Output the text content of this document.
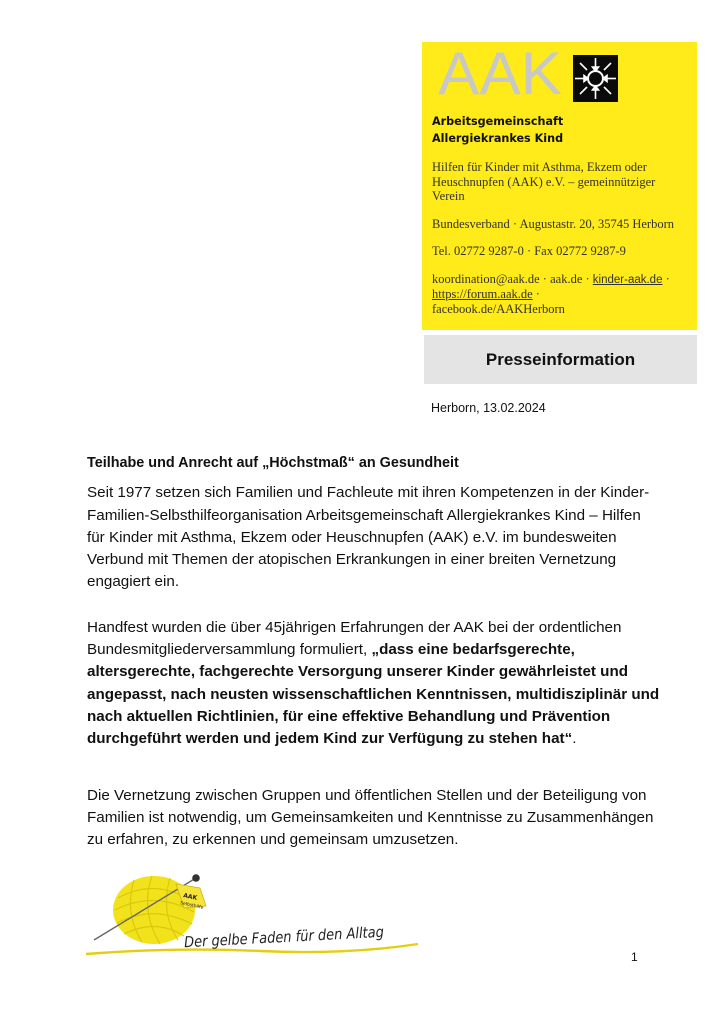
AAK
Arbeitsgemeinschaft
Allergiekrankes Kind
Hilfen für Kinder mit Asthma, Ekzem oder Heuschnupfen (AAK) e.V. – gemeinnütziger Verein
Bundesverband · Augustastr. 20, 35745 Herborn
Tel. 02772 9287-0 · Fax 02772 9287-9
koordination@aak.de · aak.de · kinder-aak.de ·
https://forum.aak.de ·
facebook.de/AAKHerborn
Presseinformation
Herborn, 13.02.2024
Teilhabe und Anrecht auf „Höchstmaß“ an Gesundheit

Seit 1977 setzen sich Familien und Fachleute mit ihren Kompetenzen in der Kinder-Familien-Selbsthilfeorganisation Arbeitsgemeinschaft Allergiekrankes Kind – Hilfen für Kinder mit Asthma, Ekzem oder Heuschnupfen (AAK) e.V. im bundesweiten Verbund mit Themen der atopischen Erkrankungen in einer breiten Vernetzung engagiert ein.

Handfest wurden die über 45jährigen Erfahrungen der AAK bei der ordentlichen Bundesmitgliederversammlung formuliert, „dass eine bedarfsgerechte, altersgerechte, fachgerechte Versorgung unserer Kinder gewährleistet und angepasst, nach neusten wissenschaftlichen Kenntnissen, multidisziplinär und nach aktuellen Richtlinien, für eine effektive Behandlung und Prävention durchgeführt werden und jedem Kind zur Verfügung zu stehen hat“.

Die Vernetzung zwischen Gruppen und öffentlichen Stellen und der Beteiligung von Familien ist notwendig, um Gemeinsamkeiten und Kenntnisse zu Zusammenhängen zu erfahren, zu erkennen und gemeinsam umzusetzen.

AAK
Selbsthilfe
Der gelbe Faden für den Alltag
1
